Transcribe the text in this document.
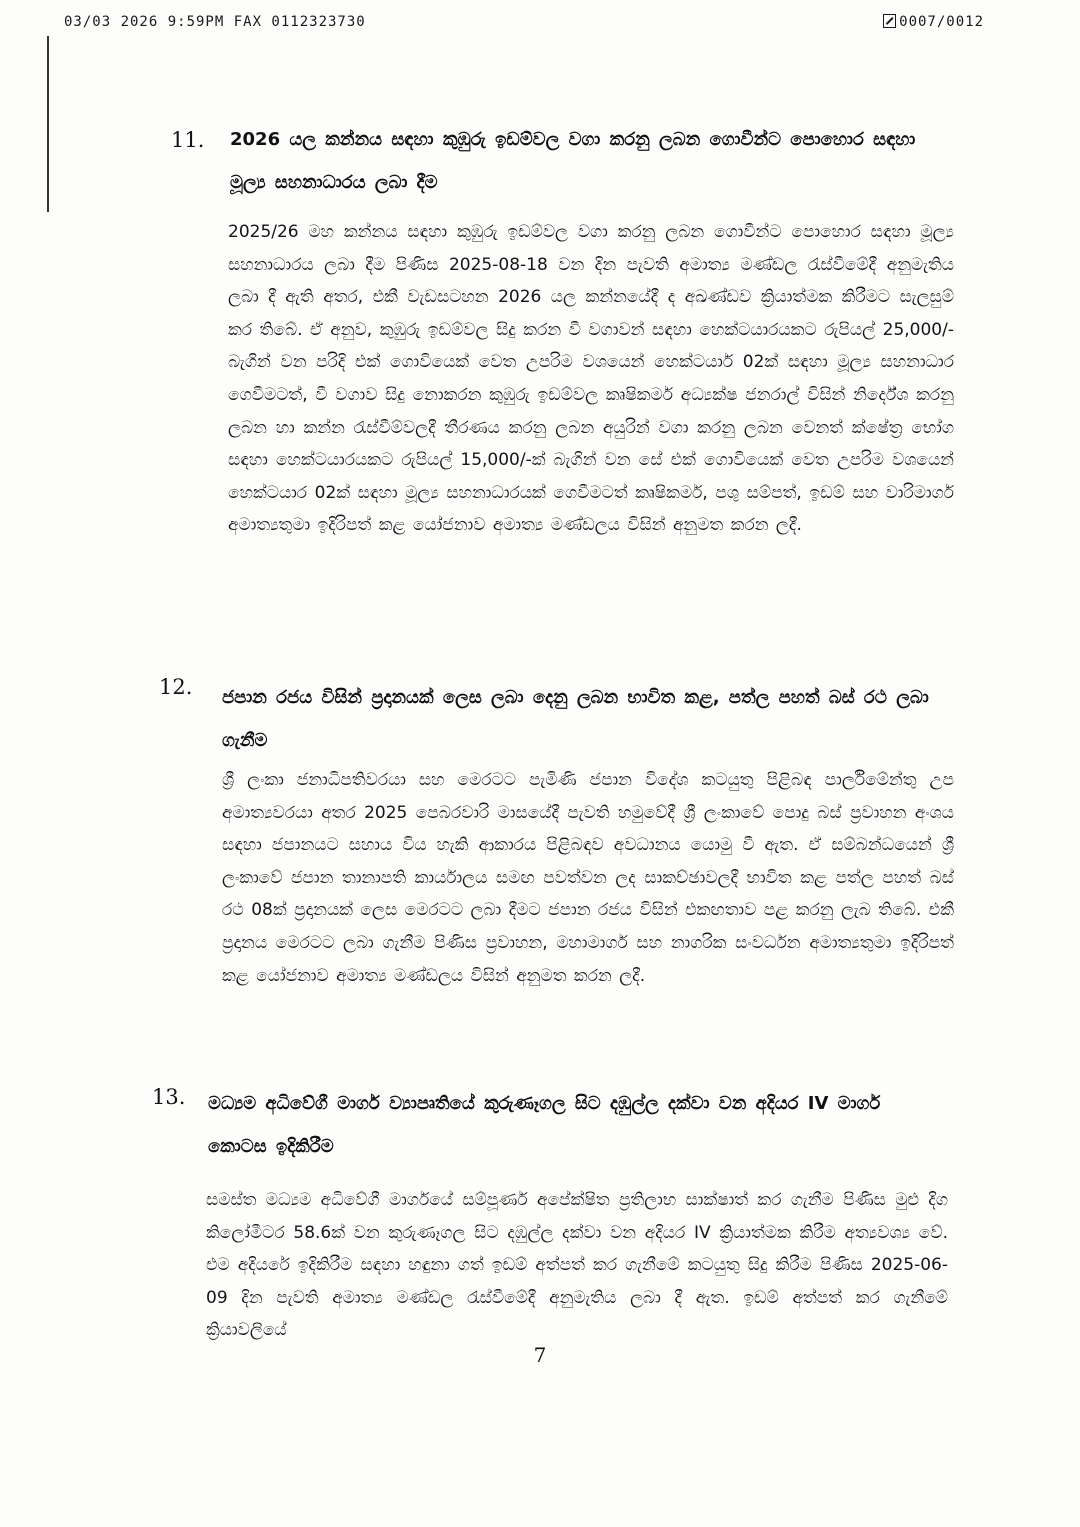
03/03 2026 9:59PM FAX 0112323730	0007/0012
11. 2026 යල කන්නය සඳහා කුඹුරු ඉඩම්වල වගා කරනු ලබන ගොවීන්ට පොහොර සඳහා මූල්‍ය සහනාධාරය ලබා දීම
2025/26 මහ කන්නය සඳහා කුඹුරු ඉඩම්වල වගා කරනු ලබන ගොවීන්ට පොහොර සඳහා මූල්‍ය සහනාධාරය ලබා දීම පිණිස 2025-08-18 වන දින පැවති අමාත්‍ය මණ්ඩල රැස්වීමේදී අනුමැතිය ලබා දී ඇති අතර, එකී වැඩසටහන 2026 යල කන්නයේදී ද අඛණ්ඩව ක්‍රියාත්මක කිරීමට සැලසුම් කර තිබේ. ඒ අනුව, කුඹුරු ඉඩම්වල සිදු කරන වී වගාවන් සඳහා හෙක්ටයාරයකට රුපියල් 25,000/- බැගින් වන පරිදි එක් ගොවියෙක් වෙත උපරිම වශයෙන් හෙක්ටයාර් 02ක් සඳහා මූල්‍ය සහනාධාර ගෙවීමටත්, වී වගාව සිදු නොකරන කුඹුරු ඉඩම්වල කෘෂිකර්ම අධ්‍යක්ෂ ජනරාල් විසින් නිර්දේශ කරනු ලබන හා කන්න රැස්වීම්වලදී තීරණය කරනු ලබන අයුරින් වගා කරනු ලබන වෙනත් ක්ෂේත්‍ර භෝග සඳහා හෙක්ටයාරයකට රුපියල් 15,000/-ක් බැගින් වන සේ එක් ගොවියෙක් වෙත උපරිම වශයෙන් හෙක්ටයාර 02ක් සඳහා මූල්‍ය සහනාධාරයක් ගෙවීමටත් කෘෂිකර්ම, පශු සම්පත්, ඉඩම් සහ වාරිමාර්ග අමාත්‍යතුමා ඉදිරිපත් කළ යෝජනාව අමාත්‍ය මණ්ඩලය විසින් අනුමත කරන ලදී.
12. ජපාන රජය විසින් ප්‍රදානයක් ලෙස ලබා දෙනු ලබන භාවිත කළ, පත්ල පහත් බස් රථ ලබා ගැනීම
ශ්‍රී ලංකා ජනාධිපතිවරයා සහ මෙරටට පැමිණි ජපාන විදේශ කටයුතු පිළිබඳ පාර්ලිමේන්තු උප අමාත්‍යවරයා අතර 2025 පෙබරවාරි මාසයේදී පැවති හමුවේදී ශ්‍රී ලංකාවේ පොදු බස් ප්‍රවාහන අංශය සඳහා ජපානයට සහාය විය හැකි ආකාරය පිළිබඳව අවධානය යොමු වී ඇත. ඒ සම්බන්ධයෙන් ශ්‍රී ලංකාවේ ජපාන තානාපති කාර්යාලය සමඟ පවත්වන ලද සාකච්ඡාවලදී භාවිත කළ පත්ල පහත් බස් රථ 08ක් ප්‍රදානයක් ලෙස මෙරටට ලබා දීමට ජපාන රජය විසින් එකඟතාව පළ කරනු ලැබ තිබේ. එකී ප්‍රදානය මෙරටට ලබා ගැනීම පිණිස ප්‍රවාහන, මහාමාර්ග සහ නාගරික සංවර්ධන අමාත්‍යතුමා ඉදිරිපත් කළ යෝජනාව අමාත්‍ය මණ්ඩලය විසින් අනුමත කරන ලදී.
13. මධ්‍යම අධිවේගී මාර්ග ව්‍යාපෘතියේ කුරුණෑගල සිට දඹුල්ල දක්වා වන අදියර IV මාර්ග කොටස ඉදිකිරීම
සමස්ත මධ්‍යම අධිවේගී මාර්ගයේ සම්පූර්ණ අපේක්ෂිත ප්‍රතිලාභ සාක්ෂාත් කර ගැනීම පිණිස මුළු දිග කිලෝමීටර 58.6ක් වන කුරුණෑගල සිට දඹුල්ල දක්වා වන අදියර IV ක්‍රියාත්මක කිරීම අත්‍යවශ්‍ය වේ. එම අදියරේ ඉදිකිරීම සඳහා හඳුනා ගත් ඉඩම් අත්පත් කර ගැනීමේ කටයුතු සිදු කිරීම පිණිස 2025-06-09 දින පැවති අමාත්‍ය මණ්ඩල රැස්වීමේදී අනුමැතිය ලබා දී ඇත. ඉඩම් අත්පත් කර ගැනීමේ ක්‍රියාවලියේ
7
